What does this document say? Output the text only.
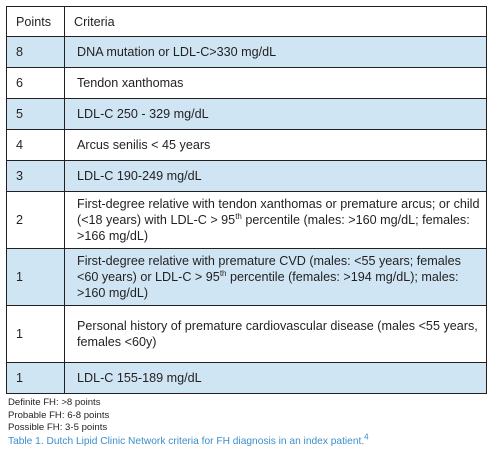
Points	Criteria
8	DNA mutation or LDL-C>330 mg/dL
6	Tendon xanthomas
5	LDL-C 250 - 329 mg/dL
4	Arcus senilis < 45 years
3	LDL-C 190-249 mg/dL
2	First-degree relative with tendon xanthomas or premature arcus; or child (<18 years) with LDL-C > 95th percentile (males: >160 mg/dL; females: >166 mg/dL)
1	First-degree relative with premature CVD (males: <55 years; females <60 years) or LDL-C > 95th percentile (females: >194 mg/dL); males: >160 mg/dL)
1	Personal history of premature cardiovascular disease (males <55 years, females <60y)
1	LDL-C 155-189 mg/dL
Definite FH: >8 points
Probable FH: 6-8 points
Possible FH: 3-5 points
Table 1. Dutch Lipid Clinic Network criteria for FH diagnosis in an index patient.$^4$
